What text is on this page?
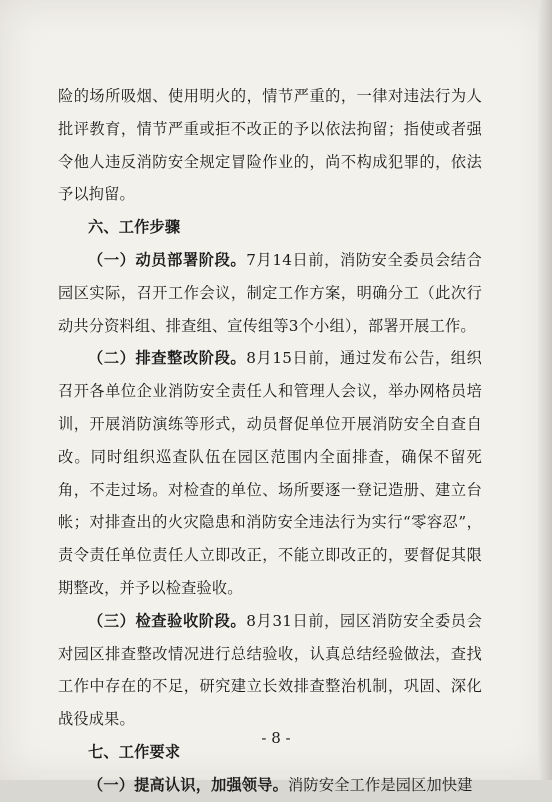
险的场所吸烟、使用明火的，情节严重的，一律对违法行为人批评教育，情节严重或拒不改正的予以依法拘留；指使或者强令他人违反消防安全规定冒险作业的，尚不构成犯罪的，依法予以拘留。

六、工作步骤

（一）动员部署阶段。7月14日前，消防安全委员会结合园区实际，召开工作会议，制定工作方案，明确分工（此次行动共分资料组、排查组、宣传组等3个小组），部署开展工作。

（二）排查整改阶段。8月15日前，通过发布公告，组织召开各单位企业消防安全责任人和管理人会议，举办网格员培训，开展消防演练等形式，动员督促单位开展消防安全自查自改。同时组织巡查队伍在园区范围内全面排查，确保不留死角，不走过场。对检查的单位、场所要逐一登记造册、建立台帐；对排查出的火灾隐患和消防安全违法行为实行“零容忍”，责令责任单位责任人立即改正，不能立即改正的，要督促其限期整改，并予以检查验收。

（三）检查验收阶段。8月31日前，园区消防安全委员会对园区排查整改情况进行总结验收，认真总结经验做法，查找工作中存在的不足，研究建立长效排查整治机制，巩固、深化战役成果。

七、工作要求

（一）提高认识，加强领导。消防安全工作是园区加快建

- 8 -
